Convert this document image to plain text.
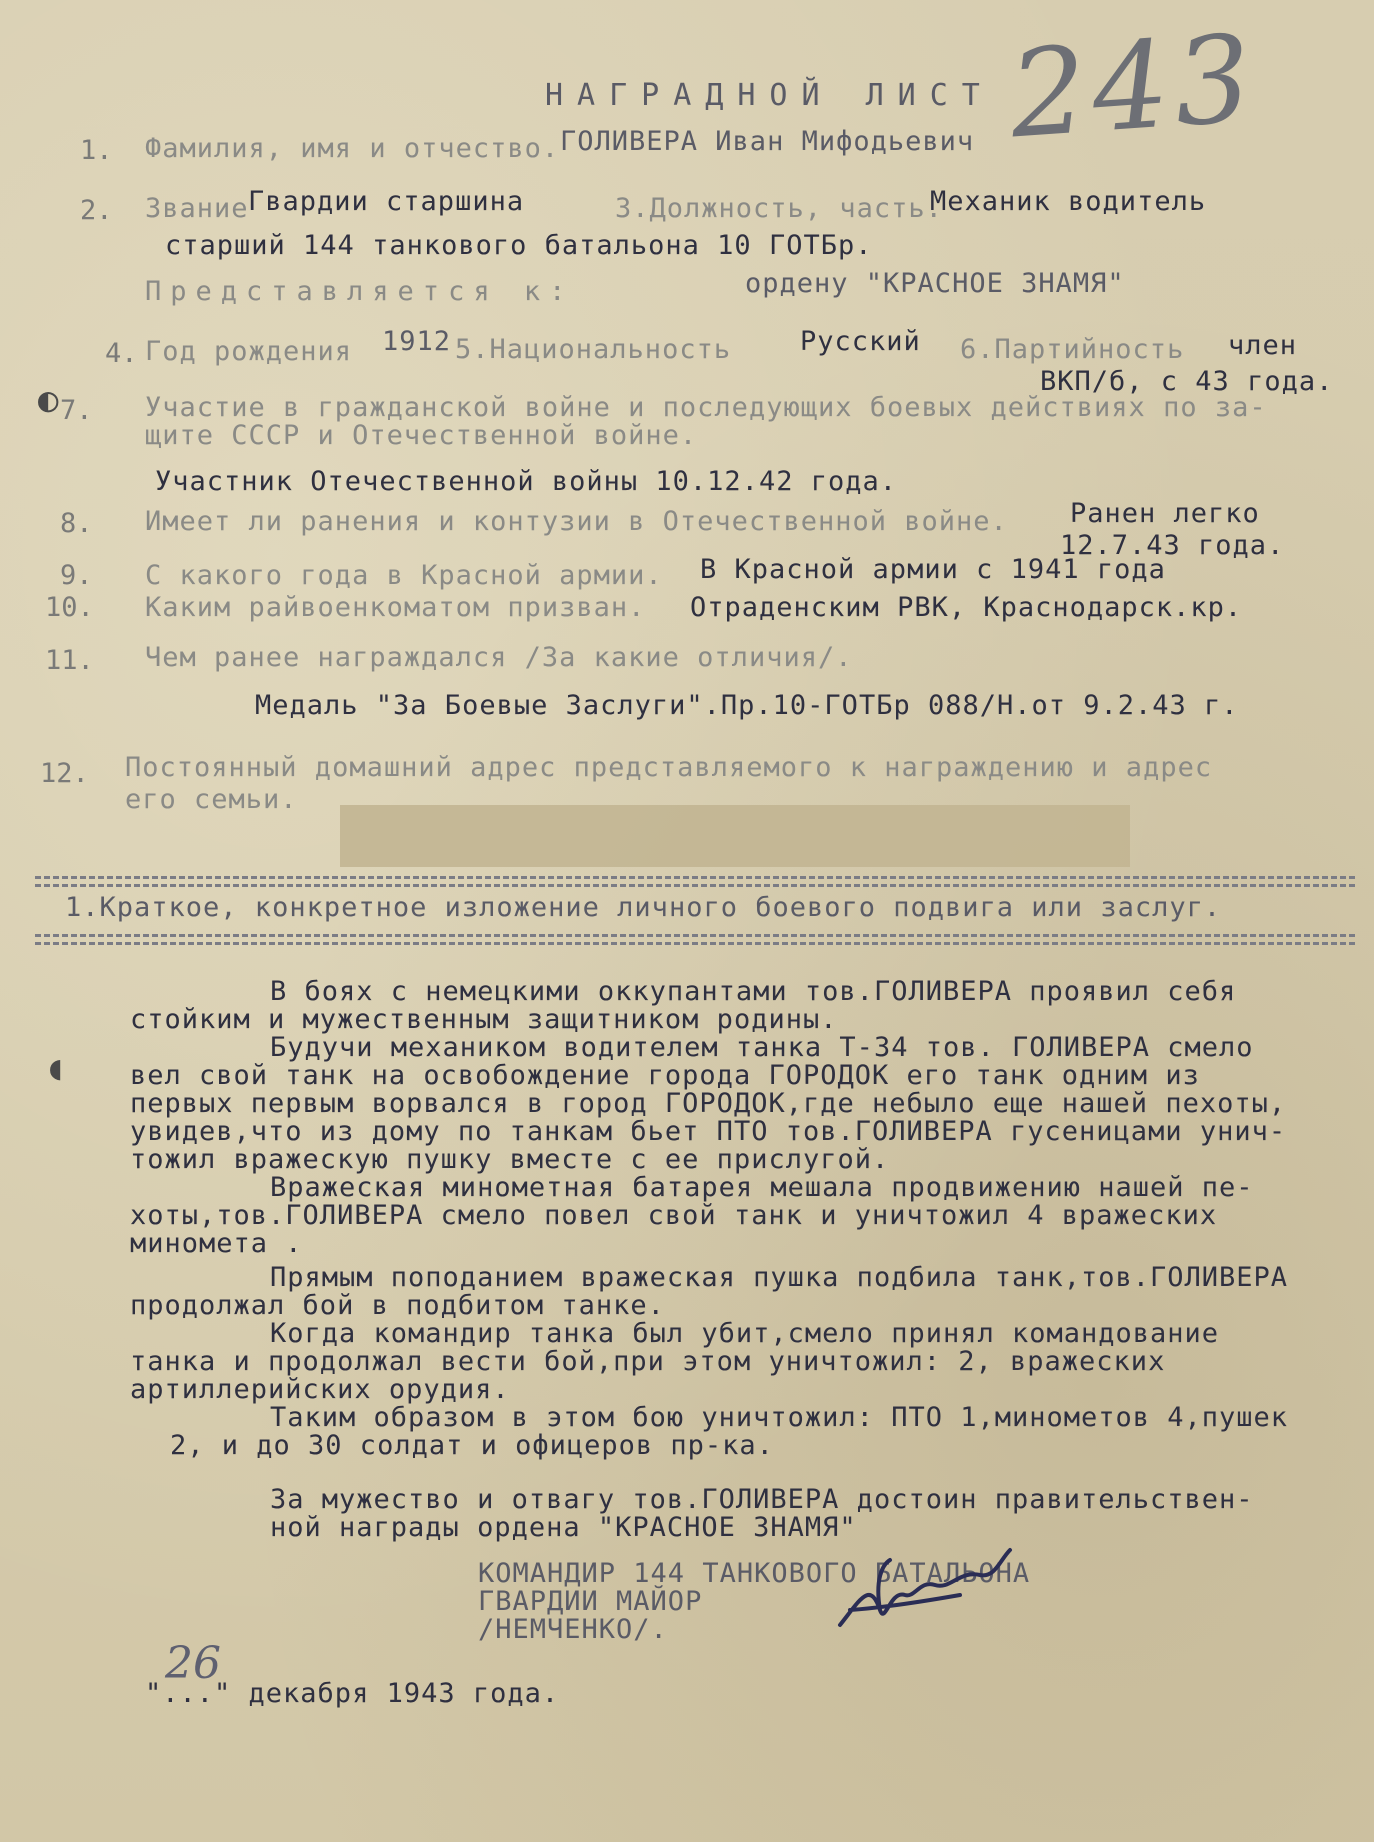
243
НАГРАДНОЙ ЛИСТ
1. Фамилия, имя и отчество. ГОЛИВЕРА Иван Мифодьевич
2. Звание Гвардии старшина	3.Должность, часть.
Механик водитель
старший 144 танкового батальона 10 ГОТБр.
Представляется к:	ордену "КРАСНОЕ ЗНАМЯ"
4. Год рождения 1912 5.Национальность	Русский 6.Партийность член
ВКП/б, с 43 года.
7. Участие в гражданской войне и последующих боевых действиях по за-
щите СССР и Отечественной войне.
Участник Отечественной войны 10.12.42 года.
8. Имеет ли ранения и контузии в Отечественной войне. Ранен легко
12.7.43 года.
9. С какого года в Красной армии. В Красной армии с 1941 года
10. Каким райвоенкоматом призван. Отраденским РВК, Краснодарск.кр.
11. Чем ранее награждался /За какие отличия/.
Медаль "За Боевые Заслуги".Пр.10-ГОТБр 088/Н.от 9.2.43 г.
12. Постоянный домашний адрес представляемого к награждению и адрес
его семьи.
1.Краткое, конкретное изложение личного боевого подвига или заслуг.
◐
◖
В боях с немецкими оккупантами тов.ГОЛИВЕРА проявил себя
стойким и мужественным защитником родины.
Будучи механиком водителем танка Т-34 тов. ГОЛИВЕРА смело
вел свой танк на освобождение города ГОРОДОК его танк одним из
первых первым ворвался в город ГОРОДОК,где небыло еще нашей пехоты,
увидев,что из дому по танкам бьет ПТО тов.ГОЛИВЕРА гусеницами унич-
тожил вражескую пушку вместе с ее прислугой.
Вражеская минометная батарея мешала продвижению нашей пе-
хоты,тов.ГОЛИВЕРА смело повел свой танк и уничтожил 4 вражеских
миномета .
Прямым поподанием вражеская пушка подбила танк,тов.ГОЛИВЕРА
продолжал бой в подбитом танке.
Когда командир танка был убит,смело принял командование
танка и продолжал вести бой,при этом уничтожил: 2, вражеских
артиллерийских орудия.
Таким образом в этом бою уничтожил: ПТО 1,минометов 4,пушек
2, и до 30 солдат и офицеров пр-ка.
За мужество и отвагу тов.ГОЛИВЕРА достоин правительствен-
ной награды ордена "КРАСНОЕ ЗНАМЯ"
КОМАНДИР 144 ТАНКОВОГО БАТАЛЬОНА
ГВАРДИИ МАЙОР
/НЕМЧЕНКО/.
26
"..." декабря 1943 года.
